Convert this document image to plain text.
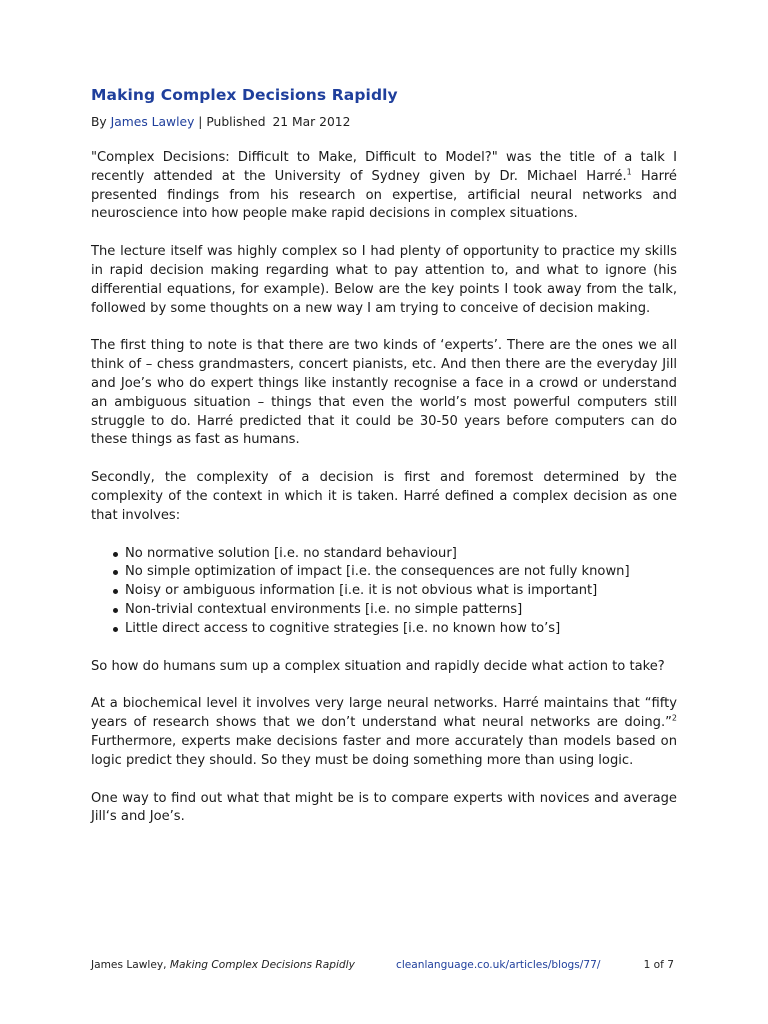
Making Complex Decisions Rapidly
By James Lawley | Published 21 Mar 2012

"Complex Decisions: Difficult to Make, Difficult to Model?" was the title of a talk I recently attended at the University of Sydney given by Dr. Michael Harré.$^1$ Harré presented findings from his research on expertise, artificial neural networks and neuroscience into how people make rapid decisions in complex situations.

The lecture itself was highly complex so I had plenty of opportunity to practice my skills in rapid decision making regarding what to pay attention to, and what to ignore (his differential equations, for example). Below are the key points I took away from the talk, followed by some thoughts on a new way I am trying to conceive of decision making.

The first thing to note is that there are two kinds of ‘experts’. There are the ones we all think of – chess grandmasters, concert pianists, etc. And then there are the everyday Jill and Joe’s who do expert things like instantly recognise a face in a crowd or understand an ambiguous situation – things that even the world’s most powerful computers still struggle to do. Harré predicted that it could be 30-50 years before computers can do these things as fast as humans.

Secondly, the complexity of a decision is first and foremost determined by the complexity of the context in which it is taken. Harré defined a complex decision as one that involves:

No normative solution [i.e. no standard behaviour]
No simple optimization of impact [i.e. the consequences are not fully known]
Noisy or ambiguous information [i.e. it is not obvious what is important]
Non-trivial contextual environments [i.e. no simple patterns]
Little direct access to cognitive strategies [i.e. no known how to’s]

So how do humans sum up a complex situation and rapidly decide what action to take?

At a biochemical level it involves very large neural networks. Harré maintains that “fifty years of research shows that we don’t understand what neural networks are doing.”$^2$ Furthermore, experts make decisions faster and more accurately than models based on logic predict they should. So they must be doing something more than using logic.

One way to find out what that might be is to compare experts with novices and average Jill‘s and Joe’s.

James Lawley, Making Complex Decisions Rapidly	cleanlanguage.co.uk/articles/blogs/77/	1 of 7
